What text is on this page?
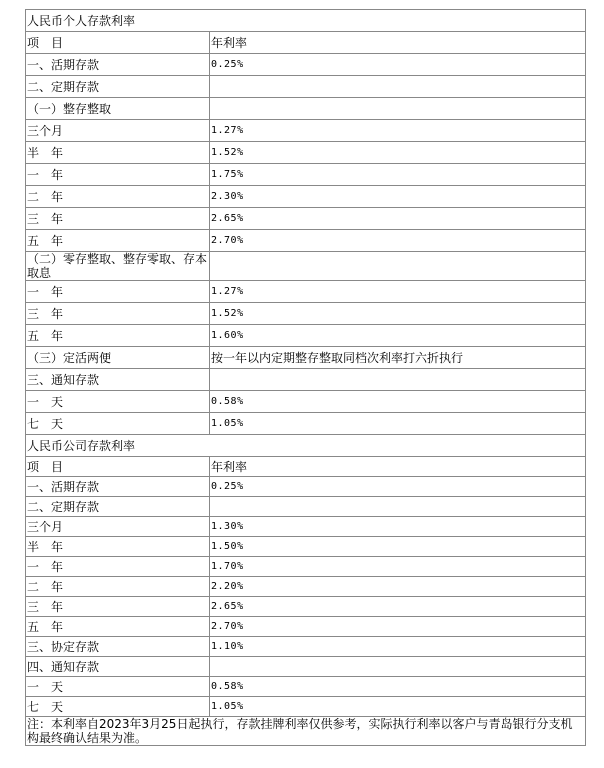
人民币个人存款利率	
项　目	年利率
一、活期存款	0.25%
二、定期存款	
（一）整存整取	
三个月	1.27%
半　年	1.52%
一　年	1.75%
二　年	2.30%
三　年	2.65%
五　年	2.70%
（二）零存整取、整存零取、存本取息	
一　年	1.27%
三　年	1.52%
五　年	1.60%
（三）定活两便	按一年以内定期整存整取同档次利率打六折执行
三、通知存款	
一　天	0.58%
七　天	1.05%
人民币公司存款利率	
项　目	年利率
一、活期存款	0.25%
二、定期存款	
三个月	1.30%
半　年	1.50%
一　年	1.70%
二　年	2.20%
三　年	2.65%
五　年	2.70%
三、协定存款	1.10%
四、通知存款	
一　天	0.58%
七　天	1.05%
注：本利率自2023年3月25日起执行，存款挂牌利率仅供参考，实际执行利率以客户与青岛银行分支机构最终确认结果为准。	
